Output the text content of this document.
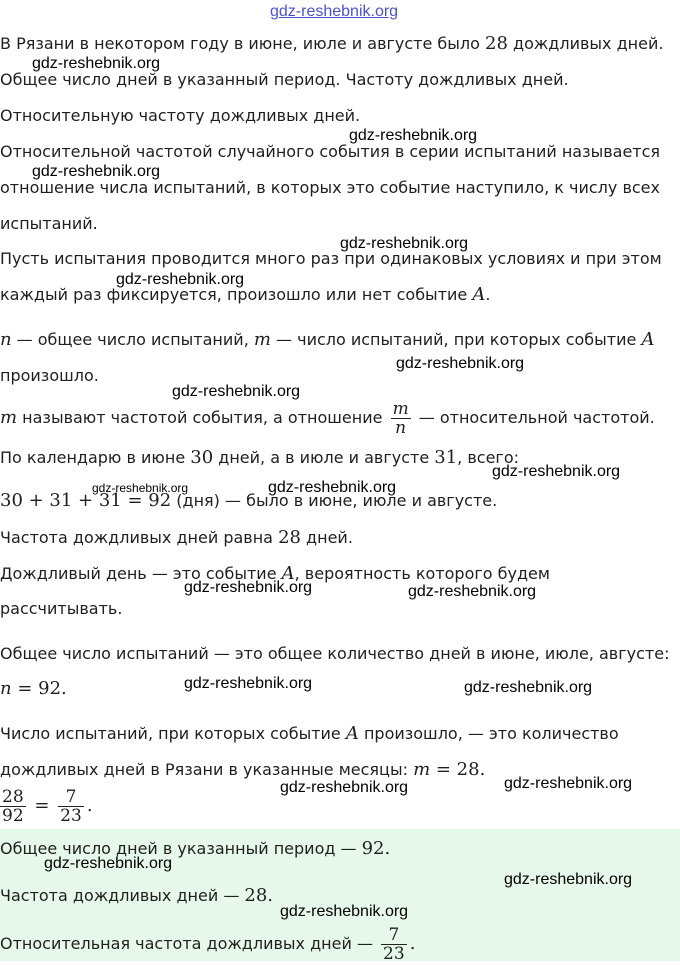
gdz-reshebnik.org
В Рязани в некотором году в июне, июле и августе было 28 дождливых дней.
Общее число дней в указанный период. Частоту дождливых дней.
Относительную частоту дождливых дней.
Относительной частотой случайного события в серии испытаний называется
отношение числа испытаний, в которых это событие наступило, к числу всех
испытаний.
Пусть испытания проводится много раз при одинаковых условиях и при этом
каждый раз фиксируется, произошло или нет событие A.
n — общее число испытаний, m — число испытаний, при которых событие A
произошло.
m называют частотой события, а отношение $\frac{m}{n}$ — относительной частотой.
По календарю в июне 30 дней, а в июле и августе 31, всего:
30 + 31 + 31 = 92 (дня) — было в июне, июле и августе.
Частота дождливых дней равна 28 дней.
Дождливый день — это событие A, вероятность которого будем
рассчитывать.
Общее число испытаний — это общее количество дней в июне, июле, августе:
n = 92.
Число испытаний, при которых событие A произошло, — это количество
дождливых дней в Рязани в указанные месяцы: m = 28.
$\frac{28}{92} = \frac{7}{23}$ .
Общее число дней в указанный период — 92.
Частота дождливых дней — 28.
Относительная частота дождливых дней — $\frac{7}{23}$ .
gdz-reshebnik.org
gdz-reshebnik.org
gdz-reshebnik.org
gdz-reshebnik.org
gdz-reshebnik.org
gdz-reshebnik.org
gdz-reshebnik.org
gdz-reshebnik.org
gdz-reshebnik.org	gdz-reshebnik.org
gdz-reshebnik.org	gdz-reshebnik.org
gdz-reshebnik.org	gdz-reshebnik.org
gdz-reshebnik.org	gdz-reshebnik.org
gdz-reshebnik.org
gdz-reshebnik.org
gdz-reshebnik.org
